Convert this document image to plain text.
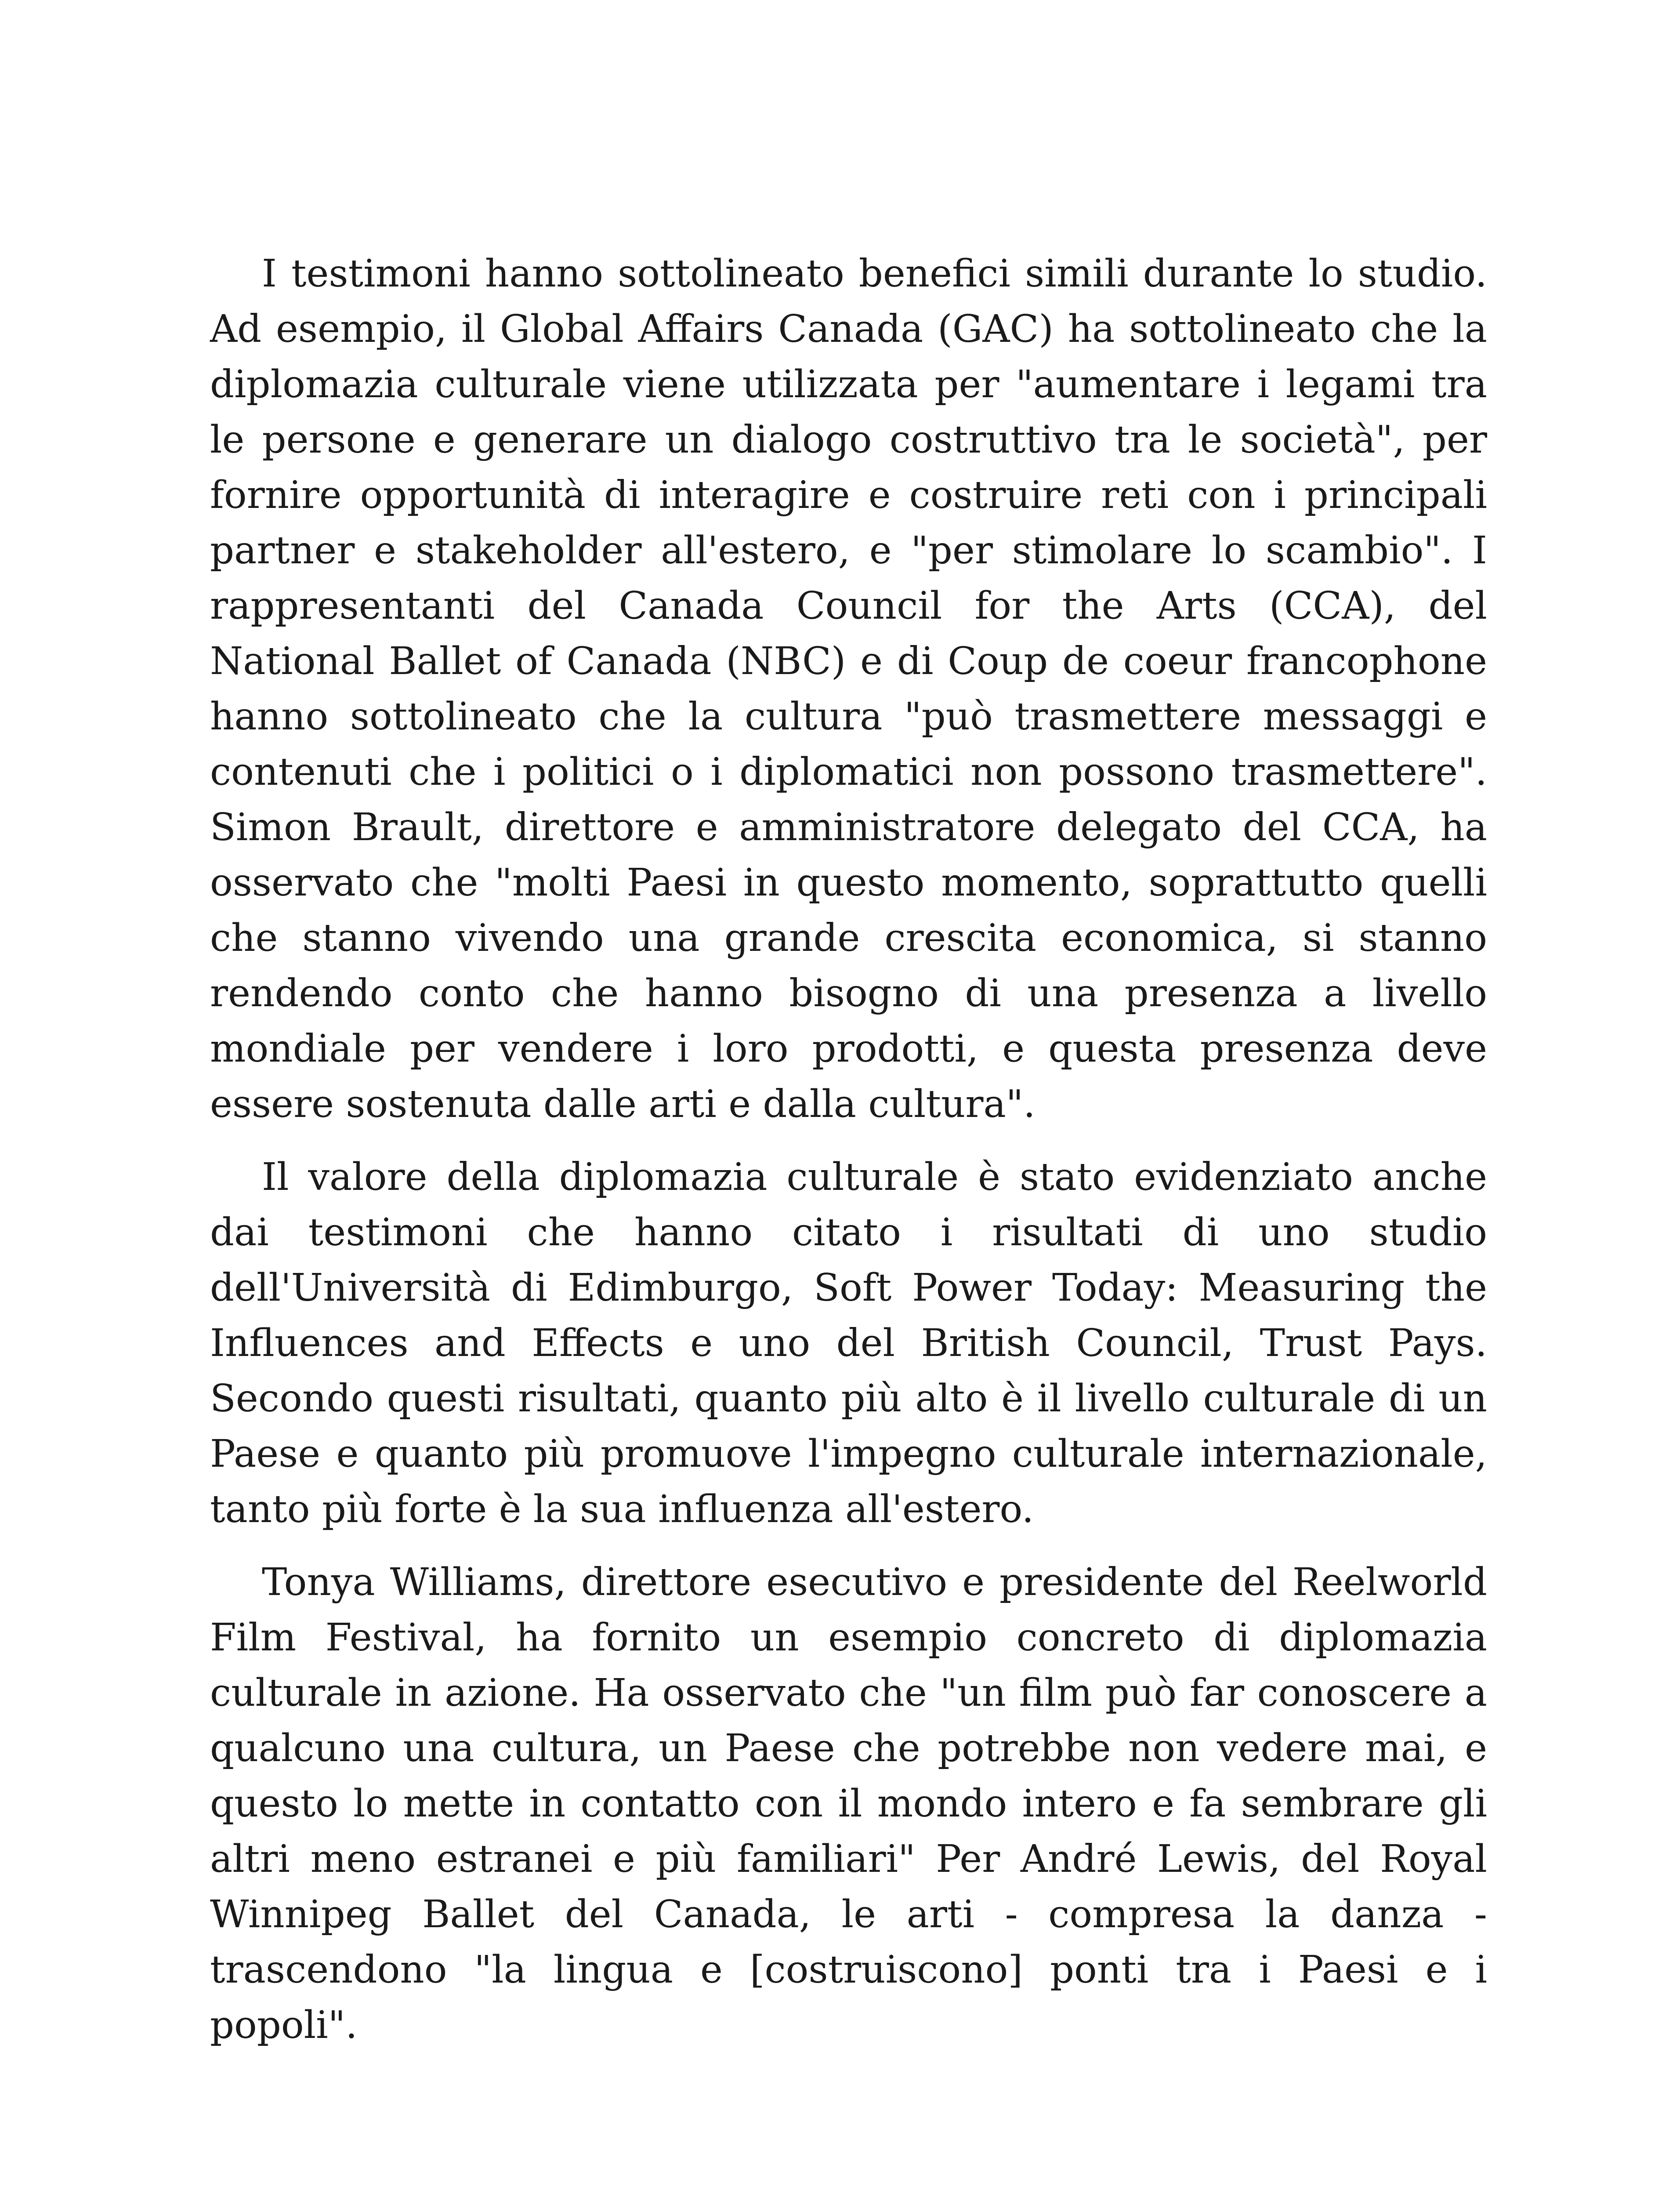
I testimoni hanno sottolineato benefici simili durante lo studio. Ad esempio, il Global Affairs Canada (GAC) ha sottolineato che la diplomazia culturale viene utilizzata per "aumentare i legami tra le persone e generare un dialogo costruttivo tra le società", per fornire opportunità di interagire e costruire reti con i principali partner e stakeholder all'estero, e "per stimolare lo scambio". I rappresentanti del Canada Council for the Arts (CCA), del National Ballet of Canada (NBC) e di Coup de coeur francophone hanno sottolineato che la cultura "può trasmettere messaggi e contenuti che i politici o i diplomatici non possono trasmettere". Simon Brault, direttore e amministratore delegato del CCA, ha osservato che "molti Paesi in questo momento, soprattutto quelli che stanno vivendo una grande crescita economica, si stanno rendendo conto che hanno bisogno di una presenza a livello mondiale per vendere i loro prodotti, e questa presenza deve essere sostenuta dalle arti e dalla cultura".

Il valore della diplomazia culturale è stato evidenziato anche dai testimoni che hanno citato i risultati di uno studio dell'Università di Edimburgo, Soft Power Today: Measuring the Influences and Effects e uno del British Council, Trust Pays. Secondo questi risultati, quanto più alto è il livello culturale di un Paese e quanto più promuove l'impegno culturale internazionale, tanto più forte è la sua influenza all'estero.

Tonya Williams, direttore esecutivo e presidente del Reelworld Film Festival, ha fornito un esempio concreto di diplomazia culturale in azione. Ha osservato che "un film può far conoscere a qualcuno una cultura, un Paese che potrebbe non vedere mai, e questo lo mette in contatto con il mondo intero e fa sembrare gli altri meno estranei e più familiari" Per André Lewis, del Royal Winnipeg Ballet del Canada, le arti - compresa la danza - trascendono "la lingua e [costruiscono] ponti tra i Paesi e i popoli".
